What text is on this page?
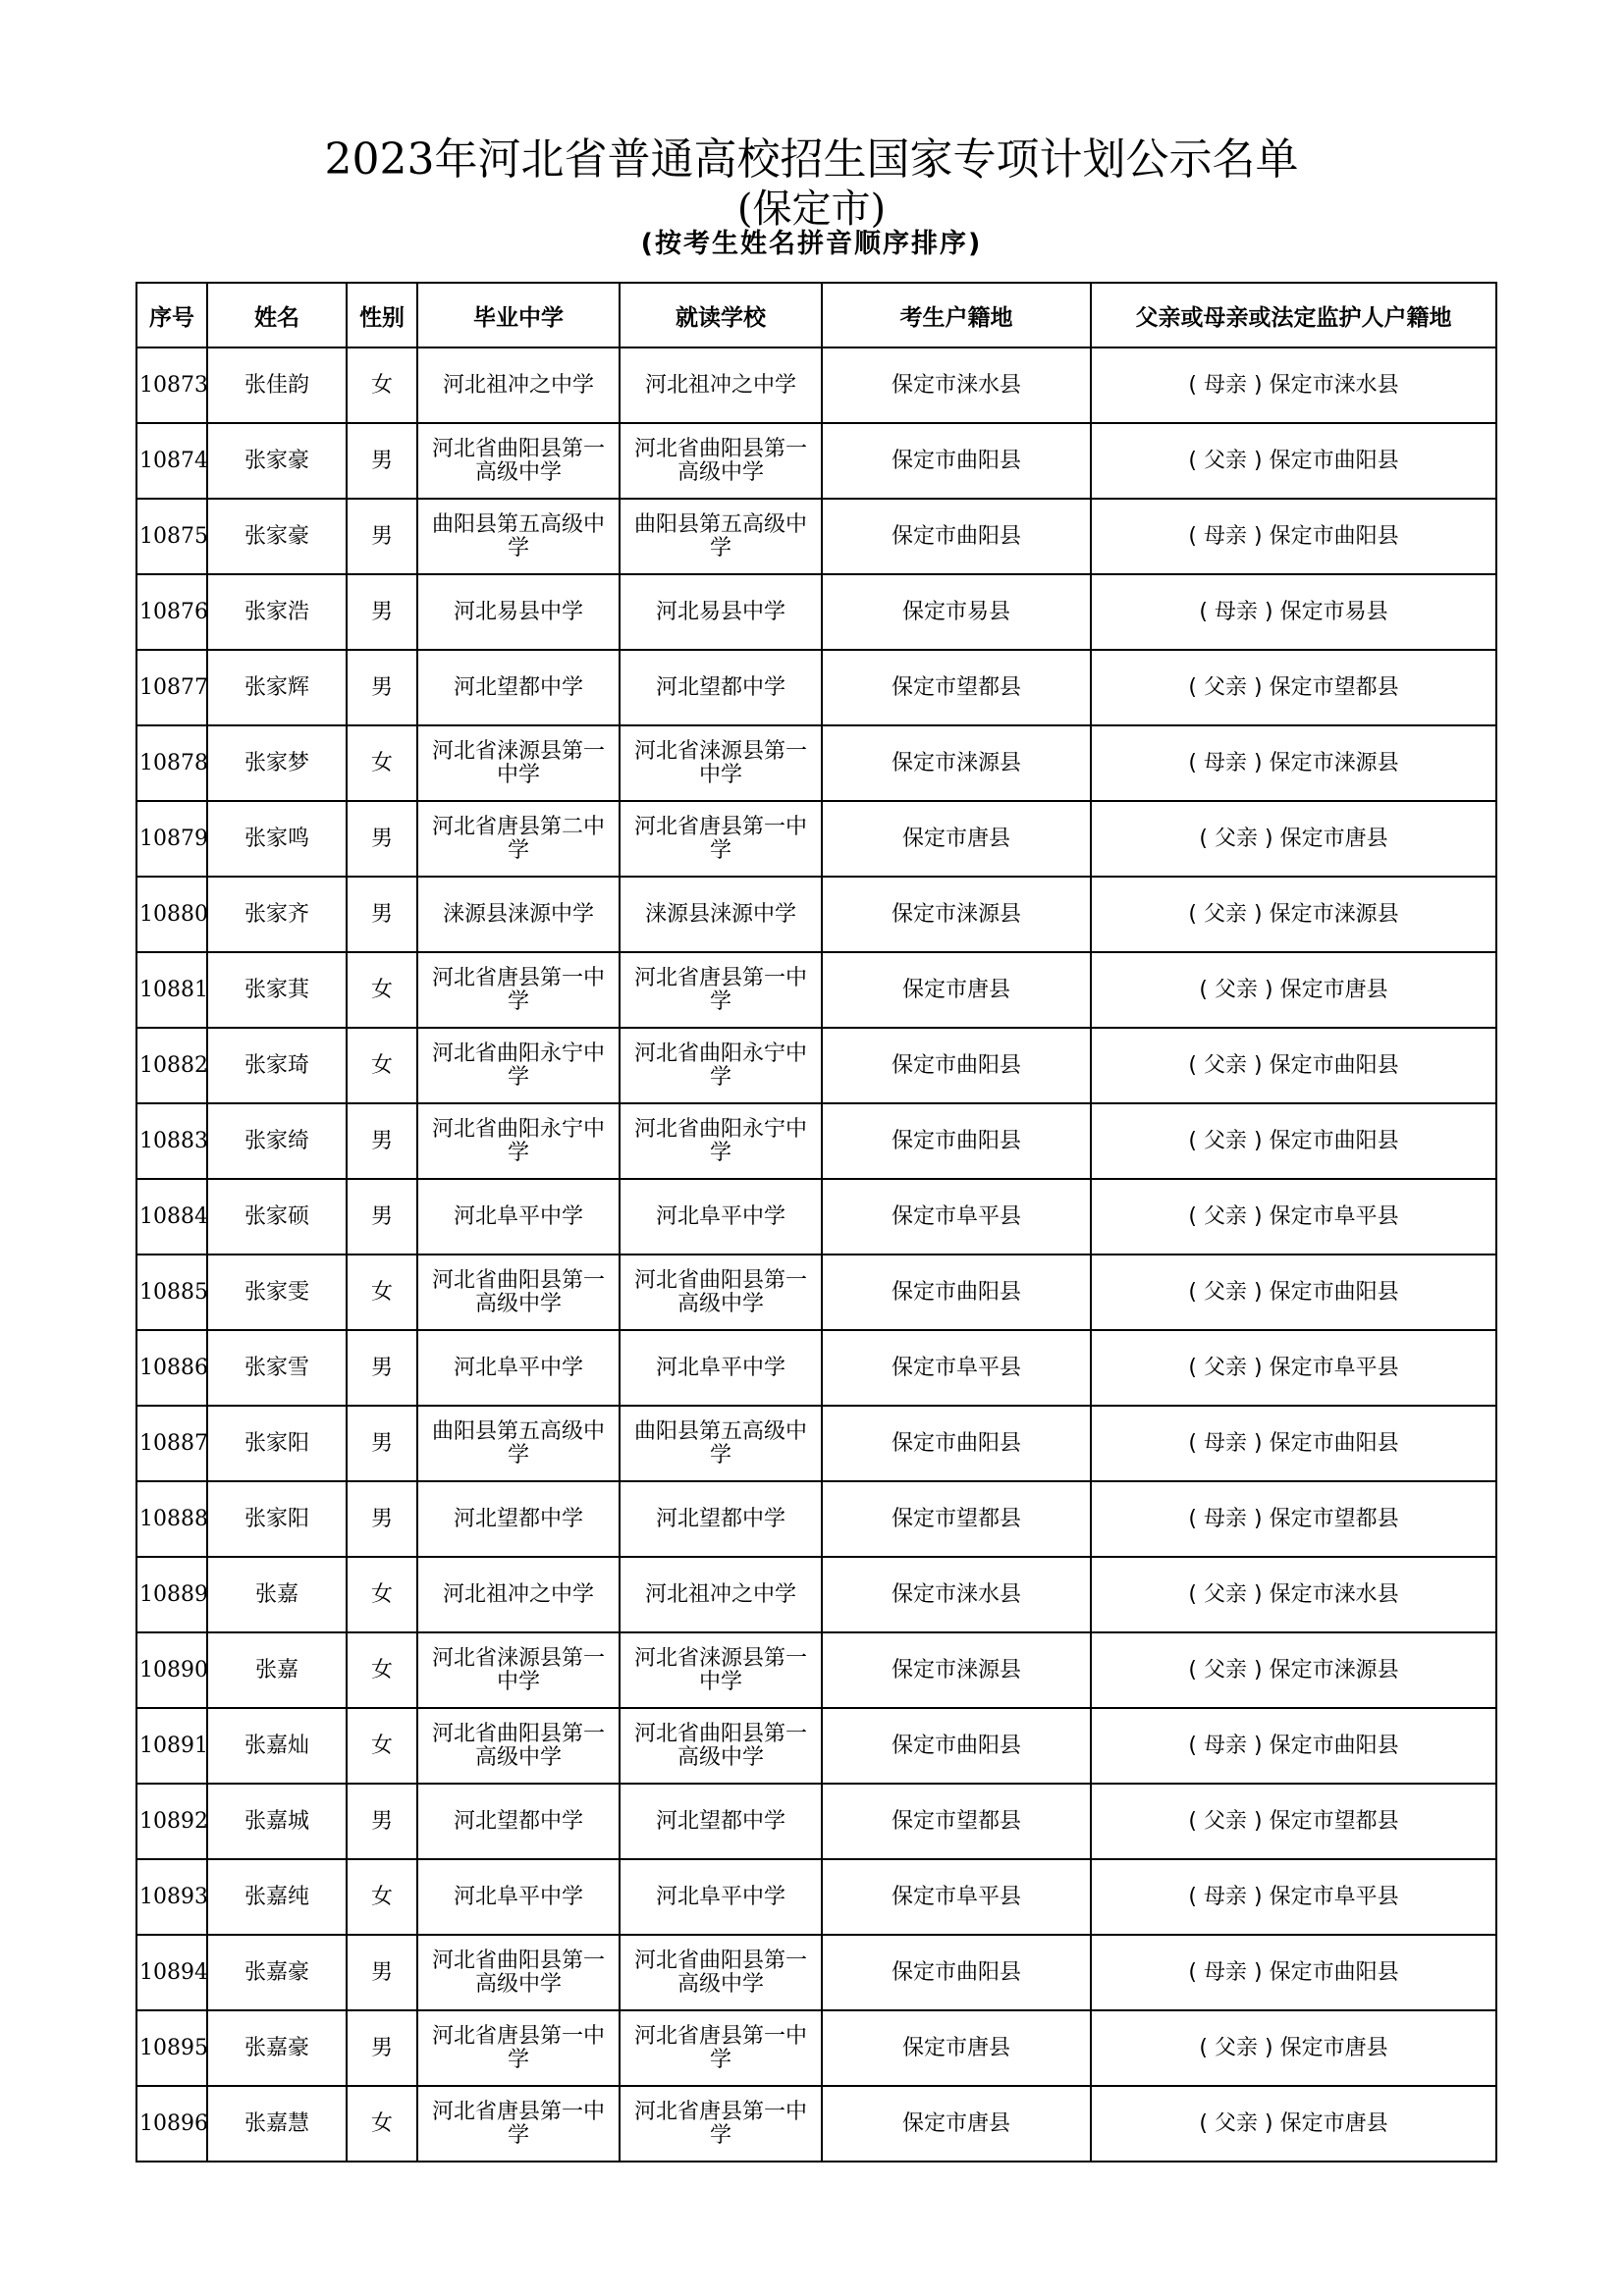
2023年河北省普通高校招生国家专项计划公示名单
(保定市)
(按考生姓名拼音顺序排序)
序号	姓名	性别	毕业中学	就读学校	考生户籍地	父亲或母亲或法定监护人户籍地
10873	张佳韵	女	河北祖冲之中学	河北祖冲之中学	保定市涞水县	( 母亲 ) 保定市涞水县
10874	张家豪	男	河北省曲阳县第一高级中学	河北省曲阳县第一高级中学	保定市曲阳县	( 父亲 ) 保定市曲阳县
10875	张家豪	男	曲阳县第五高级中学	曲阳县第五高级中学	保定市曲阳县	( 母亲 ) 保定市曲阳县
10876	张家浩	男	河北易县中学	河北易县中学	保定市易县	( 母亲 ) 保定市易县
10877	张家辉	男	河北望都中学	河北望都中学	保定市望都县	( 父亲 ) 保定市望都县
10878	张家梦	女	河北省涞源县第一中学	河北省涞源县第一中学	保定市涞源县	( 母亲 ) 保定市涞源县
10879	张家鸣	男	河北省唐县第二中学	河北省唐县第一中学	保定市唐县	( 父亲 ) 保定市唐县
10880	张家齐	男	涞源县涞源中学	涞源县涞源中学	保定市涞源县	( 父亲 ) 保定市涞源县
10881	张家萁	女	河北省唐县第一中学	河北省唐县第一中学	保定市唐县	( 父亲 ) 保定市唐县
10882	张家琦	女	河北省曲阳永宁中学	河北省曲阳永宁中学	保定市曲阳县	( 父亲 ) 保定市曲阳县
10883	张家绮	男	河北省曲阳永宁中学	河北省曲阳永宁中学	保定市曲阳县	( 父亲 ) 保定市曲阳县
10884	张家硕	男	河北阜平中学	河北阜平中学	保定市阜平县	( 父亲 ) 保定市阜平县
10885	张家雯	女	河北省曲阳县第一高级中学	河北省曲阳县第一高级中学	保定市曲阳县	( 父亲 ) 保定市曲阳县
10886	张家雪	男	河北阜平中学	河北阜平中学	保定市阜平县	( 父亲 ) 保定市阜平县
10887	张家阳	男	曲阳县第五高级中学	曲阳县第五高级中学	保定市曲阳县	( 母亲 ) 保定市曲阳县
10888	张家阳	男	河北望都中学	河北望都中学	保定市望都县	( 母亲 ) 保定市望都县
10889	张嘉	女	河北祖冲之中学	河北祖冲之中学	保定市涞水县	( 父亲 ) 保定市涞水县
10890	张嘉	女	河北省涞源县第一中学	河北省涞源县第一中学	保定市涞源县	( 父亲 ) 保定市涞源县
10891	张嘉灿	女	河北省曲阳县第一高级中学	河北省曲阳县第一高级中学	保定市曲阳县	( 母亲 ) 保定市曲阳县
10892	张嘉城	男	河北望都中学	河北望都中学	保定市望都县	( 父亲 ) 保定市望都县
10893	张嘉纯	女	河北阜平中学	河北阜平中学	保定市阜平县	( 母亲 ) 保定市阜平县
10894	张嘉豪	男	河北省曲阳县第一高级中学	河北省曲阳县第一高级中学	保定市曲阳县	( 母亲 ) 保定市曲阳县
10895	张嘉豪	男	河北省唐县第一中学	河北省唐县第一中学	保定市唐县	( 父亲 ) 保定市唐县
10896	张嘉慧	女	河北省唐县第一中学	河北省唐县第一中学	保定市唐县	( 父亲 ) 保定市唐县
